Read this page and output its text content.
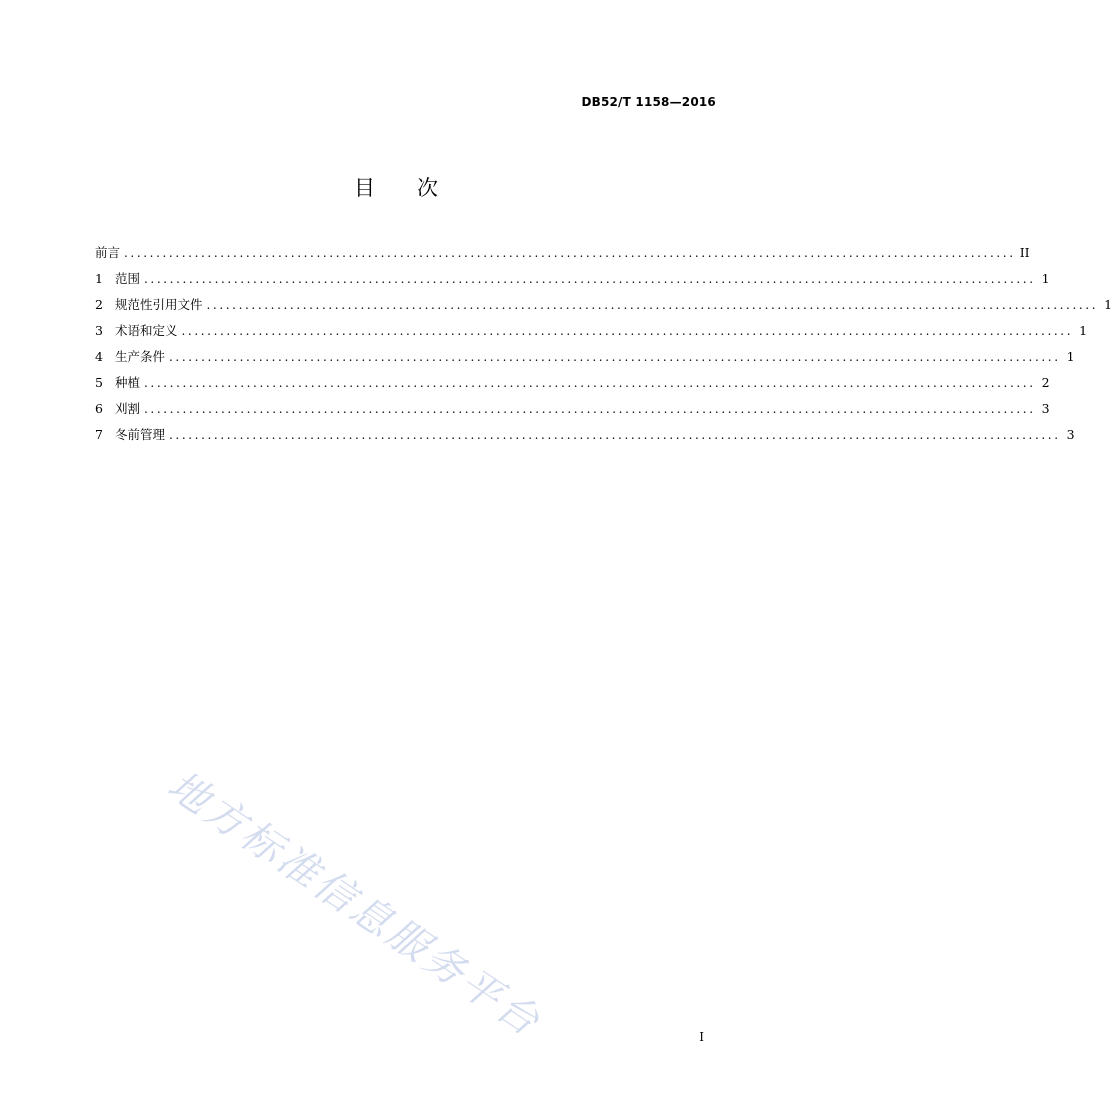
DB52/T 1158—2016
目 次
前言 ........................................................................................................................................... II
1 范围 ........................................................................................................................................... 1
2 规范性引用文件 ........................................................................................................................................... 1
3 术语和定义 ........................................................................................................................................... 1
4 生产条件 ........................................................................................................................................... 1
5 种植 ........................................................................................................................................... 2
6 刈割 ........................................................................................................................................... 3
7 冬前管理 ........................................................................................................................................... 3
地方标准信息服务平台	I
